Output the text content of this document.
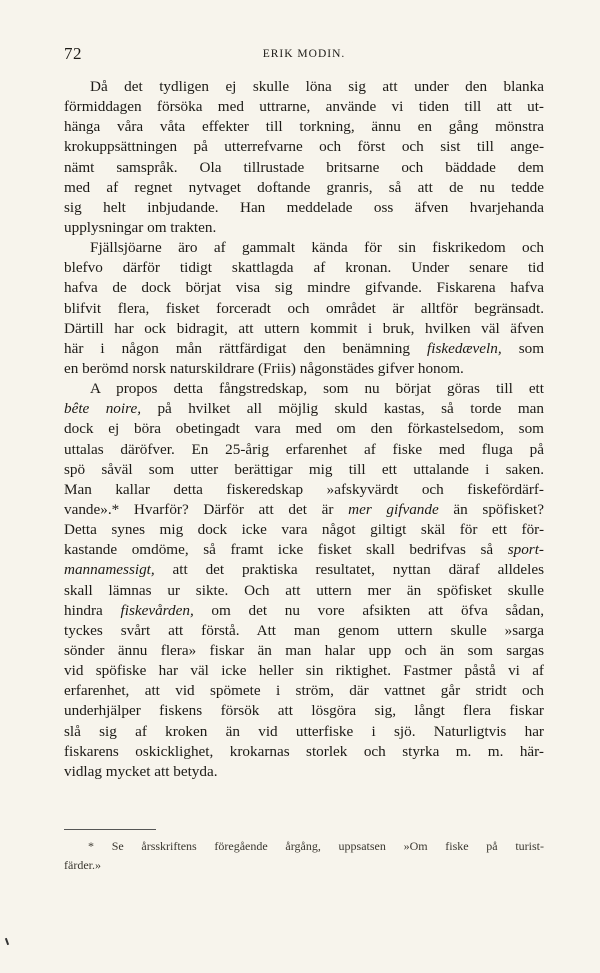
72	ERIK MODIN.
Då det tydligen ej skulle löna sig att under den blanka
förmiddagen försöka med uttrarne, använde vi tiden till att ut-
hänga våra våta effekter till torkning, ännu en gång mönstra
krokuppsättningen på utterrefvarne och först och sist till ange-
nämt samspråk. Ola tillrustade britsarne och bäddade dem
med af regnet nytvaget doftande granris, så att de nu tedde
sig helt inbjudande. Han meddelade oss äfven hvarjehanda
upplysningar om trakten.
Fjällsjöarne äro af gammalt kända för sin fiskrikedom och
blefvo därför tidigt skattlagda af kronan. Under senare tid
hafva de dock börjat visa sig mindre gifvande. Fiskarena hafva
blifvit flera, fisket forceradt och området är alltför begränsadt.
Därtill har ock bidragit, att uttern kommit i bruk, hvilken väl äfven
här i någon mån rättfärdigat den benämning fiskedæveln, som
en berömd norsk naturskildrare (Friis) någonstädes gifver honom.
A propos detta fångstredskap, som nu börjat göras till ett
bête noire, på hvilket all möjlig skuld kastas, så torde man
dock ej böra obetingadt vara med om den förkastelsedom, som
uttalas däröfver. En 25-årig erfarenhet af fiske med fluga på
spö såväl som utter berättigar mig till ett uttalande i saken.
Man kallar detta fiskeredskap »afskyvärdt och fiskefördärf-
vande».* Hvarför? Därför att det är mer gifvande än spöfisket?
Detta synes mig dock icke vara något giltigt skäl för ett för-
kastande omdöme, så framt icke fisket skall bedrifvas så sport-
mannamessigt, att det praktiska resultatet, nyttan däraf alldeles
skall lämnas ur sikte. Och att uttern mer än spöfisket skulle
hindra fiskevården, om det nu vore afsikten att öfva sådan,
tyckes svårt att förstå. Att man genom uttern skulle »sarga
sönder ännu flera» fiskar än man halar upp och än som sargas
vid spöfiske har väl icke heller sin riktighet. Fastmer påstå vi af
erfarenhet, att vid spömete i ström, där vattnet går stridt och
underhjälper fiskens försök att lösgöra sig, långt flera fiskar
slå sig af kroken än vid utterfiske i sjö. Naturligtvis har
fiskarens oskicklighet, krokarnas storlek och styrka m. m. här-
vidlag mycket att betyda.
* Se årsskriftens föregående årgång, uppsatsen »Om fiske på turist-
färder.»
